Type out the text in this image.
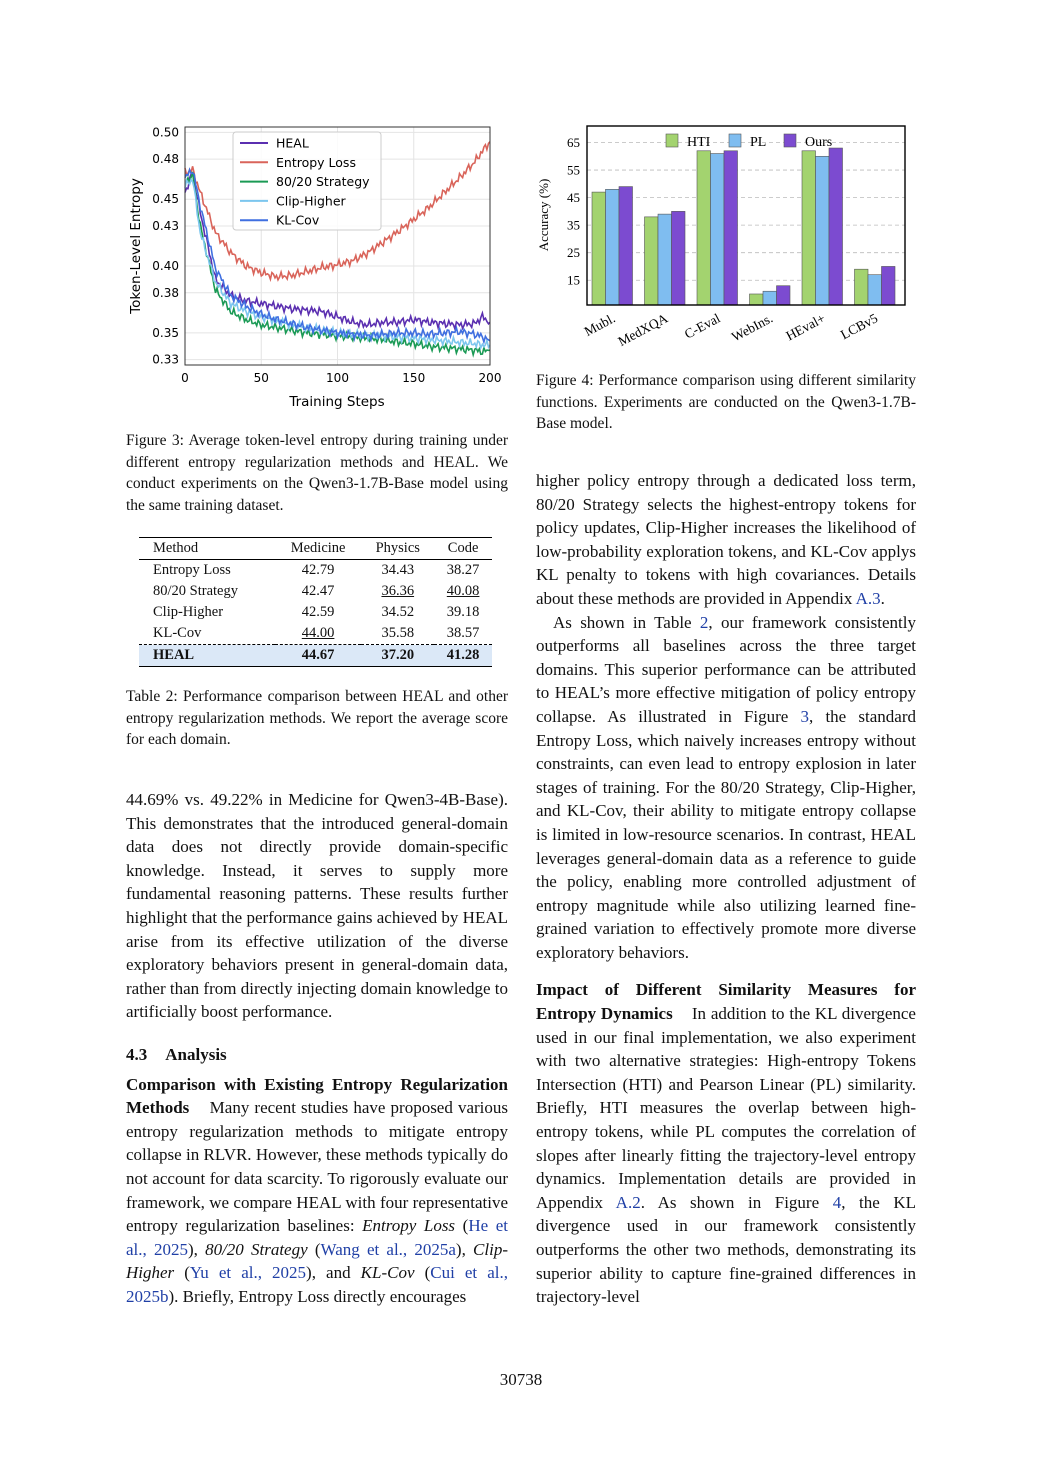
0.33
0.35
0.38
0.40
0.43
0.45
0.48
0.50
0	50	100	150	200
Training Steps
Token-Level Entropy
HEAL
Entropy Loss
80/20 Strategy
Clip-Higher
KL-Cov
Figure 3: Average token-level entropy during training under different entropy regularization methods and HEAL. We conduct experiments on the Qwen3-1.7B-Base model using the same training dataset.
15
25
35
45
55
65
Mubl.
MedXQA C-Eval WebIns. HEval+ LCBv5
Accuracy (%)
HTI	PL	Ours
Figure 4: Performance comparison using different similarity functions. Experiments are conducted on the Qwen3-1.7B-Base model.
Method	Medicine	Physics	Code
Entropy Loss	42.79	34.43	38.27
80/20 Strategy	42.47	36.36	40.08
Clip-Higher	42.59	34.52	39.18
KL-Cov	44.00	35.58	38.57
HEAL	44.67	37.20	41.28
Table 2: Performance comparison between HEAL and other entropy regularization methods. We report the average score for each domain.

44.69% vs. 49.22% in Medicine for Qwen3-4B-Base). This demonstrates that the introduced general-domain data does not directly provide domain-specific knowledge. Instead, it serves to supply more fundamental reasoning patterns. These results further highlight that the performance gains achieved by HEAL arise from its effective utilization of the diverse exploratory behaviors present in general-domain data, rather than from directly injecting domain knowledge to artificially boost performance.

4.3 Analysis

Comparison with Existing Entropy Regularization Methods Many recent studies have proposed various entropy regularization methods to mitigate entropy collapse in RLVR. However, these methods typically do not account for data scarcity. To rigorously evaluate our framework, we compare HEAL with four representative entropy regularization baselines: Entropy Loss (He et al., 2025), 80/20 Strategy (Wang et al., 2025a), Clip-Higher (Yu et al., 2025), and KL-Cov (Cui et al., 2025b). Briefly, Entropy Loss directly encourages

higher policy entropy through a dedicated loss term, 80/20 Strategy selects the highest-entropy tokens for policy updates, Clip-Higher increases the likelihood of low-probability exploration tokens, and KL-Cov applys KL penalty to tokens with high covariances. Details about these methods are provided in Appendix A.3.

As shown in Table 2, our framework consistently outperforms all baselines across the three target domains. This superior performance can be attributed to HEAL’s more effective mitigation of policy entropy collapse. As illustrated in Figure 3, the standard Entropy Loss, which naively increases entropy without constraints, can even lead to entropy explosion in later stages of training. For the 80/20 Strategy, Clip-Higher, and KL-Cov, their ability to mitigate entropy collapse is limited in low-resource scenarios. In contrast, HEAL leverages general-domain data as a reference to guide the policy, enabling more controlled adjustment of entropy magnitude while also utilizing learned fine-grained variation to effectively promote more diverse exploratory behaviors.

Impact of Different Similarity Measures for Entropy Dynamics In addition to the KL divergence used in our final implementation, we also experiment with two alternative strategies: High-entropy Tokens Intersection (HTI) and Pearson Linear (PL) similarity. Briefly, HTI measures the overlap between high-entropy tokens, while PL computes the correlation of slopes after linearly fitting the trajectory-level entropy dynamics. Implementation details are provided in Appendix A.2. As shown in Figure 4, the KL divergence used in our framework consistently outperforms the other two methods, demonstrating its superior ability to capture fine-grained differences in trajectory-level

30738
